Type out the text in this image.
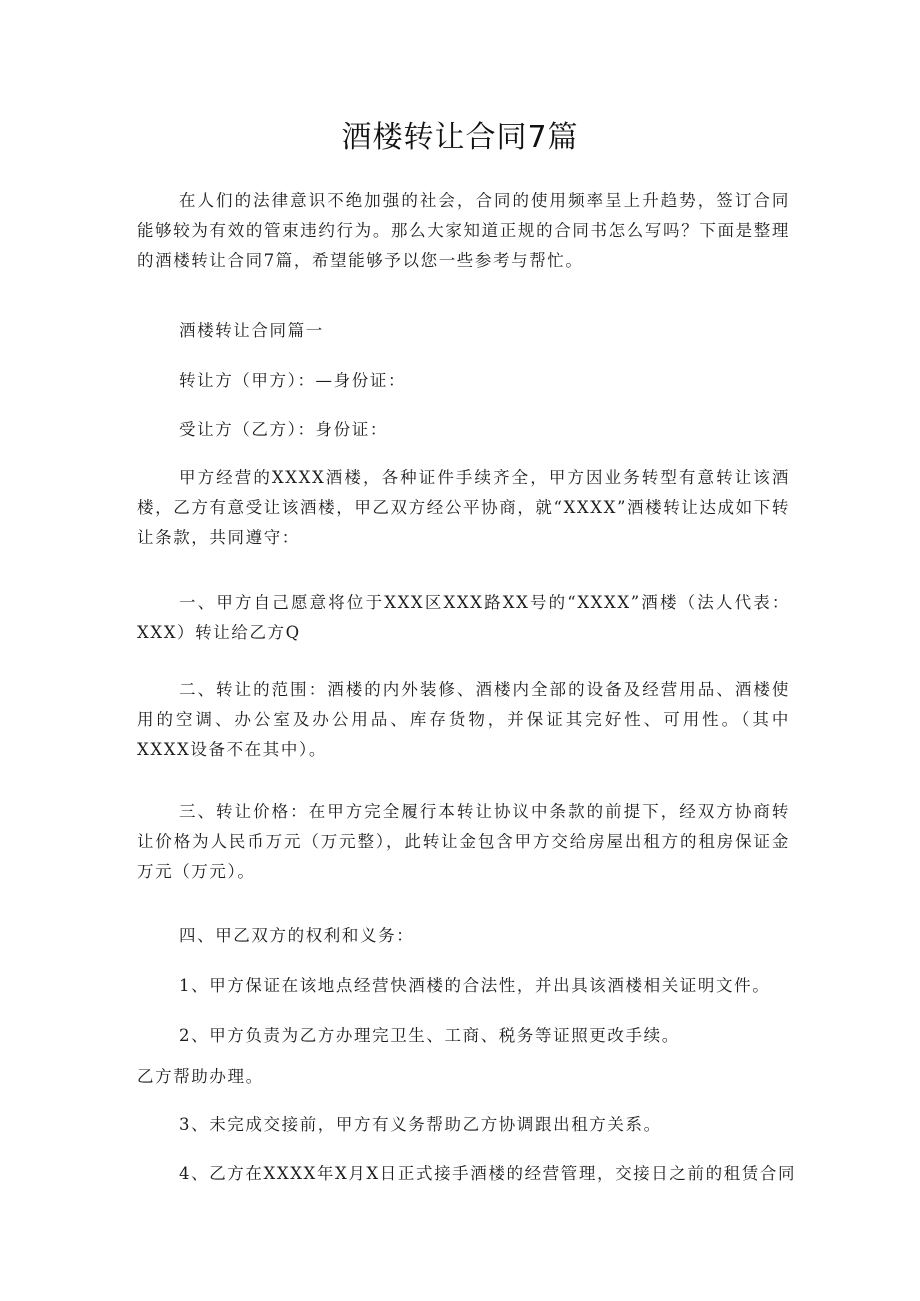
酒楼转让合同7篇

在人们的法律意识不绝加强的社会，合同的使用频率呈上升趋势，签订合同能够较为有效的管束违约行为。那么大家知道正规的合同书怎么写吗？下面是整理的酒楼转让合同7篇，希望能够予以您一些参考与帮忙。

酒楼转让合同篇一

转让方（甲方）：—身份证：

受让方（乙方）：身份证：

甲方经营的XXXX酒楼，各种证件手续齐全，甲方因业务转型有意转让该酒楼，乙方有意受让该酒楼，甲乙双方经公平协商，就“XXXX”酒楼转让达成如下转让条款，共同遵守：

一、甲方自己愿意将位于XXX区XXX路XX号的“XXXX”酒楼（法人代表：XXX）转让给乙方Q

二、转让的范围：酒楼的内外装修、酒楼内全部的设备及经营用品、酒楼使用的空调、办公室及办公用品、库存货物，并保证其完好性、可用性。（其中XXXX设备不在其中）。

三、转让价格：在甲方完全履行本转让协议中条款的前提下，经双方协商转让价格为人民币万元（万元整），此转让金包含甲方交给房屋出租方的租房保证金万元（万元）。

四、甲乙双方的权利和义务：

1、甲方保证在该地点经营快酒楼的合法性，并出具该酒楼相关证明文件。

2、甲方负责为乙方办理完卫生、工商、税务等证照更改手续。

乙方帮助办理。

3、未完成交接前，甲方有义务帮助乙方协调跟出租方关系。

4、乙方在XXXX年X月X日正式接手酒楼的经营管理，交接日之前的租赁合同
